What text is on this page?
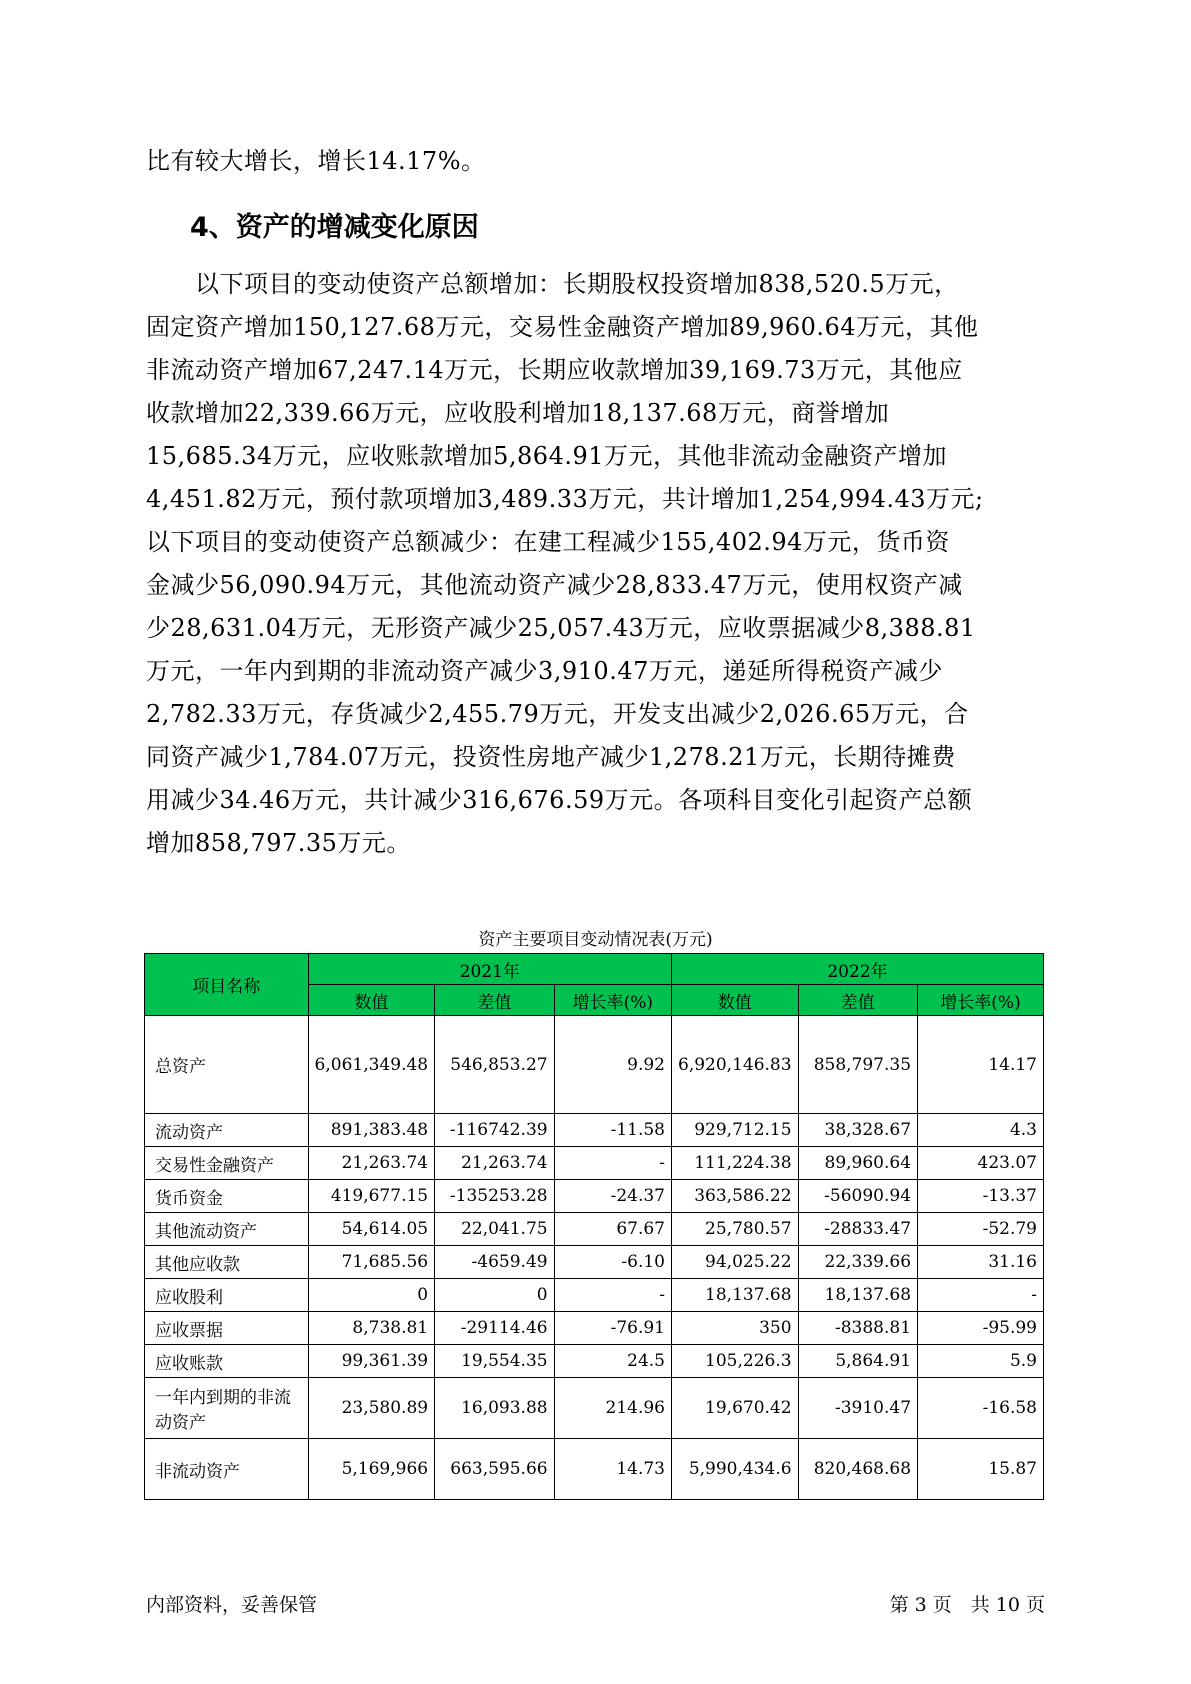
比有较大增长，增长14.17%。
4、资产的增减变化原因
　　以下项目的变动使资产总额增加：长期股权投资增加838,520.5万元，
固定资产增加150,127.68万元，交易性金融资产增加89,960.64万元，其他
非流动资产增加67,247.14万元，长期应收款增加39,169.73万元，其他应
收款增加22,339.66万元，应收股利增加18,137.68万元，商誉增加
15,685.34万元，应收账款增加5,864.91万元，其他非流动金融资产增加
4,451.82万元，预付款项增加3,489.33万元，共计增加1,254,994.43万元;
以下项目的变动使资产总额减少：在建工程减少155,402.94万元，货币资
金减少56,090.94万元，其他流动资产减少28,833.47万元，使用权资产减
少28,631.04万元，无形资产减少25,057.43万元，应收票据减少8,388.81
万元，一年内到期的非流动资产减少3,910.47万元，递延所得税资产减少
2,782.33万元，存货减少2,455.79万元，开发支出减少2,026.65万元，合
同资产减少1,784.07万元，投资性房地产减少1,278.21万元，长期待摊费
用减少34.46万元，共计减少316,676.59万元。各项科目变化引起资产总额
增加858,797.35万元。
资产主要项目变动情况表(万元)
项目名称	2021年			2022年		
	数值	差值	增长率(%)	数值	差值	增长率(%)
总资产	6,061,349.48	546,853.27	9.92	6,920,146.83	858,797.35	14.17
流动资产	891,383.48	-116742.39	-11.58	929,712.15	38,328.67	4.3
交易性金融资产	21,263.74	21,263.74	-	111,224.38	89,960.64	423.07
货币资金	419,677.15	-135253.28	-24.37	363,586.22	-56090.94	-13.37
其他流动资产	54,614.05	22,041.75	67.67	25,780.57	-28833.47	-52.79
其他应收款	71,685.56	-4659.49	-6.10	94,025.22	22,339.66	31.16
应收股利	0	0	-	18,137.68	18,137.68	-
应收票据	8,738.81	-29114.46	-76.91	350	-8388.81	-95.99
应收账款	99,361.39	19,554.35	24.5	105,226.3	5,864.91	5.9
一年内到期的非流动资产	23,580.89	16,093.88	214.96	19,670.42	-3910.47	-16.58
非流动资产	5,169,966	663,595.66	14.73	5,990,434.6	820,468.68	15.87
内部资料，妥善保管	第 3 页　共 10 页
